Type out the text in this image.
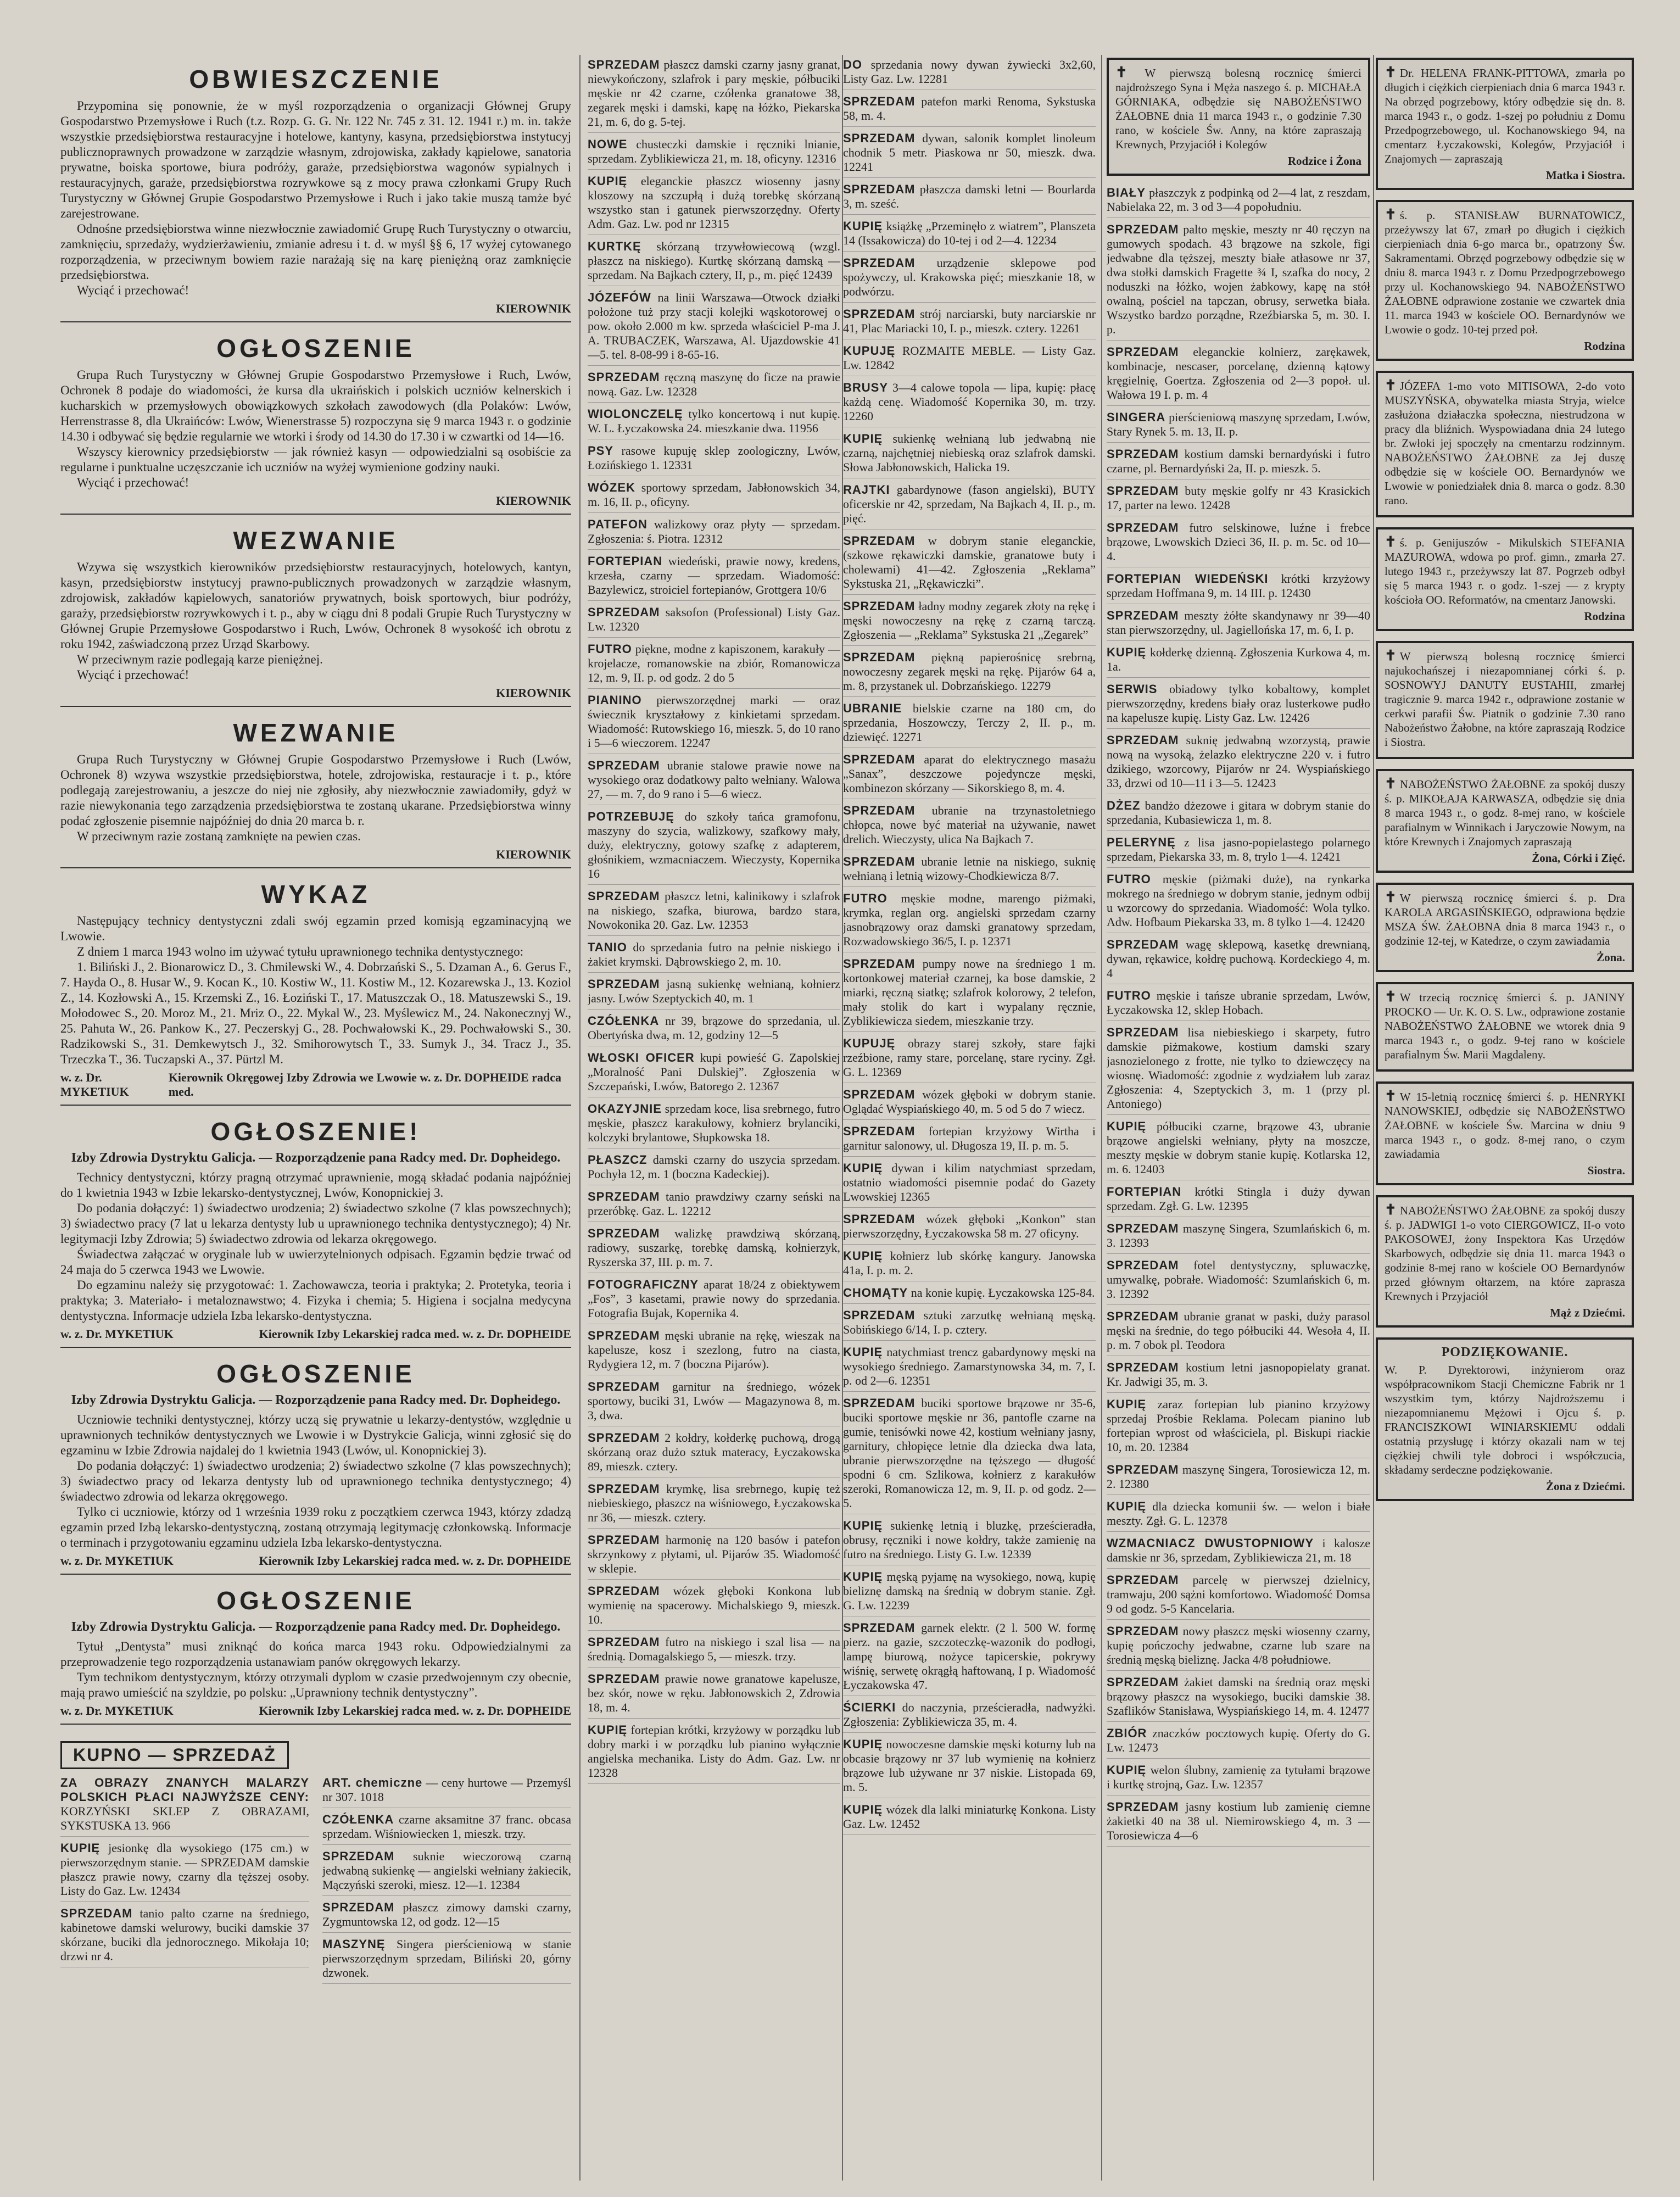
OBWIESZCZENIE

Przypomina się ponownie, że w myśl rozporządzenia o organizacji Głównej Grupy Gospodarstwo Przemysłowe i Ruch (t.z. Rozp. G. G. Nr. 122 Nr. 745 z 31. 12. 1941 r.) m. in. także wszystkie przedsiębiorstwa restauracyjne i hotelowe, kantyny, kasyna, przedsiębiorstwa instytucyj publicznoprawnych prowadzone w zarządzie własnym, zdrojowiska, zakłady kąpielowe, sanatoria prywatne, boiska sportowe, biura podróży, garaże, przedsiębiorstwa wagonów sypialnych i restauracyjnych, garaże, przedsiębiorstwa rozrywkowe są z mocy prawa członkami Grupy Ruch Turystyczny w Głównej Grupie Gospodarstwo Przemysłowe i Ruch i jako takie muszą tamże być zarejestrowane.

Odnośne przedsiębiorstwa winne niezwłocznie zawiadomić Grupę Ruch Turystyczny o otwarciu, zamknięciu, sprzedaży, wydzierżawieniu, zmianie adresu i t. d. w myśl §§ 6, 17 wyżej cytowanego rozporządzenia, w przeciwnym bowiem razie narażają się na karę pieniężną oraz zamknięcie przedsiębiorstwa.

Wyciąć i przechować!

KIEROWNIK
OGŁOSZENIE

Grupa Ruch Turystyczny w Głównej Grupie Gospodarstwo Przemysłowe i Ruch, Lwów, Ochronek 8 podaje do wiadomości, że kursa dla ukraińskich i polskich uczniów kelnerskich i kucharskich w przemysłowych obowiązkowych szkołach zawodowych (dla Polaków: Lwów, Herrenstrasse 8, dla Ukraińców: Lwów, Wienerstrasse 5) rozpoczyna się 9 marca 1943 r. o godzinie 14.30 i odbywać się będzie regularnie we wtorki i środy od 14.30 do 17.30 i w czwartki od 14—16.

Wszyscy kierownicy przedsiębiorstw — jak również kasyn — odpowiedzialni są osobiście za regularne i punktualne uczęszczanie ich uczniów na wyżej wymienione godziny nauki.

Wyciąć i przechować!

KIEROWNIK
WEZWANIE

Wzywa się wszystkich kierowników przedsiębiorstw restauracyjnych, hotelowych, kantyn, kasyn, przedsiębiorstw instytucyj prawno-publicznych prowadzonych w zarządzie własnym, zdrojowisk, zakładów kąpielowych, sanatoriów prywatnych, boisk sportowych, biur podróży, garaży, przedsiębiorstw rozrywkowych i t. p., aby w ciągu dni 8 podali Grupie Ruch Turystyczny w Głównej Grupie Przemysłowe Gospodarstwo i Ruch, Lwów, Ochronek 8 wysokość ich obrotu z roku 1942, zaświadczoną przez Urząd Skarbowy.

W przeciwnym razie podlegają karze pieniężnej.

Wyciąć i przechować!

KIEROWNIK
WEZWANIE

Grupa Ruch Turystyczny w Głównej Grupie Gospodarstwo Przemysłowe i Ruch (Lwów, Ochronek 8) wzywa wszystkie przedsiębiorstwa, hotele, zdrojowiska, restauracje i t. p., które podlegają zarejestrowaniu, a jeszcze do niej nie zgłosiły, aby niezwłocznie zawiadomiły, gdyż w razie niewykonania tego zarządzenia przedsiębiorstwa te zostaną ukarane. Przedsiębiorstwa winny podać zgłoszenie pisemnie najpóźniej do dnia 20 marca b. r.

W przeciwnym razie zostaną zamknięte na pewien czas.

KIEROWNIK
WYKAZ

Następujący technicy dentystyczni zdali swój egzamin przed komisją egzaminacyjną we Lwowie.

Z dniem 1 marca 1943 wolno im używać tytułu uprawnionego technika dentystycznego:

1. Biliński J., 2. Bionarowicz D., 3. Chmilewski W., 4. Dobrzański S., 5. Dzaman A., 6. Gerus F., 7. Hayda O., 8. Husar W., 9. Kocan K., 10. Kostiw W., 11. Kostiw M., 12. Kozarewska J., 13. Koziol Z., 14. Kozłowski A., 15. Krzemski Z., 16. Łoziński T., 17. Matuszczak O., 18. Matuszewski S., 19. Mołodowec S., 20. Moroz M., 21. Mriz O., 22. Mykal W., 23. Myślewicz M., 24. Nakonecznyj W., 25. Pahuta W., 26. Pankow K., 27. Peczerskyj G., 28. Pochwałowski K., 29. Pochwałowski S., 30. Radzikowski S., 31. Demkewytsch J., 32. Smihorowytsch T., 33. Sumyk J., 34. Tracz J., 35. Trzeczka T., 36. Tuczapski A., 37. Pürtzl M.

w. z. Dr. MYKETIUK
Kierownik Okręgowej Izby Zdrowia we Lwowie w. z. Dr. DOPHEIDE radca med.
OGŁOSZENIE!
Izby Zdrowia Dystryktu Galicja. — Rozporządzenie pana Radcy med. Dr. Dopheidego.

Technicy dentystyczni, którzy pragną otrzymać uprawnienie, mogą składać podania najpóźniej do 1 kwietnia 1943 w Izbie lekarsko-dentystycznej, Lwów, Konopnickiej 3.

Do podania dołączyć: 1) świadectwo urodzenia; 2) świadectwo szkolne (7 klas powszechnych); 3) świadectwo pracy (7 lat u lekarza dentysty lub u uprawnionego technika dentystycznego); 4) Nr. legitymacji Izby Zdrowia; 5) świadectwo zdrowia od lekarza okręgowego.

Świadectwa załączać w oryginale lub w uwierzytelnionych odpisach. Egzamin będzie trwać od 24 maja do 5 czerwca 1943 we Lwowie.

Do egzaminu należy się przygotować: 1. Zachowawcza, teoria i praktyka; 2. Protetyka, teoria i praktyka; 3. Materiało- i metaloznawstwo; 4. Fizyka i chemia; 5. Higiena i socjalna medycyna dentystyczna. Informacje udziela Izba lekarsko-dentystyczna.

w. z. Dr. MYKETIUK	Kierownik Izby Lekarskiej radca med. w. z. Dr. DOPHEIDE
OGŁOSZENIE
Izby Zdrowia Dystryktu Galicja. — Rozporządzenie pana Radcy med. Dr. Dopheidego.

Uczniowie techniki dentystycznej, którzy uczą się prywatnie u lekarzy-dentystów, względnie u uprawnionych techników dentystycznych we Lwowie i w Dystrykcie Galicja, winni zgłosić się do egzaminu w Izbie Zdrowia najdalej do 1 kwietnia 1943 (Lwów, ul. Konopnickiej 3).

Do podania dołączyć: 1) świadectwo urodzenia; 2) świadectwo szkolne (7 klas powszechnych); 3) świadectwo pracy od lekarza dentysty lub od uprawnionego technika dentystycznego; 4) świadectwo zdrowia od lekarza okręgowego.

Tylko ci uczniowie, którzy od 1 września 1939 roku z początkiem czerwca 1943, którzy zdadzą egzamin przed Izbą lekarsko-dentystyczną, zostaną otrzymają legitymację członkowską. Informacje o terminach i przygotowaniu egzaminu udziela Izba lekarsko-dentystyczna.

w. z. Dr. MYKETIUK	Kierownik Izby Lekarskiej radca med. w. z. Dr. DOPHEIDE
OGŁOSZENIE
Izby Zdrowia Dystryktu Galicja. — Rozporządzenie pana Radcy med. Dr. Dopheidego.

Tytuł „Dentysta” musi zniknąć do końca marca 1943 roku. Odpowiedzialnymi za przeprowadzenie tego rozporządzenia ustanawiam panów okręgowych lekarzy.

Tym technikom dentystycznym, którzy otrzymali dyplom w czasie przedwojennym czy obecnie, mają prawo umieścić na szyldzie, po polsku: „Uprawniony technik dentystyczny”.

w. z. Dr. MYKETIUK	Kierownik Izby Lekarskiej radca med. w. z. Dr. DOPHEIDE
KUPNO — SPRZEDAŻ

ZA OBRAZY ZNANYCH MALARZY POLSKICH PŁACI NAJWYŻSZE CENY: KORZYŃSKI SKLEP Z OBRAZAMI, SYKSTUSKA 13. 966

KUPIĘ jesionkę dla wysokiego (175 cm.) w pierwszorzędnym stanie. — SPRZEDAM damskie płaszcz prawie nowy, czarny dla tęższej osoby. Listy do Gaz. Lw. 12434

SPRZEDAM tanio palto czarne na średniego, kabinetowe damski welurowy, buciki damskie 37 skórzane, buciki dla jednorocznego. Mikołaja 10; drzwi nr 4.

ART. chemiczne — ceny hurtowe — Przemyśl nr 307. 1018

CZÓŁENKA czarne aksamitne 37 franc. obcasa sprzedam. Wiśniowiecken 1, mieszk. trzy.

SPRZEDAM suknie wieczorową czarną jedwabną sukienkę — angielski wełniany żakiecik, Mączyński szeroki, miesz. 12—1. 12384

SPRZEDAM płaszcz zimowy damski czarny, Zygmuntowska 12, od godz. 12—15

MASZYNĘ Singera pierścieniową w stanie pierwszorzędnym sprzedam, Biliński 20, górny dzwonek.

SPRZEDAM płaszcz damski czarny jasny granat, niewykończony, szlafrok i pary męskie, półbuciki męskie nr 42 czarne, czółenka granatowe 38, zegarek męski i damski, kapę na łóżko, Piekarska 21, m. 6, do g. 5-tej.

NOWE chusteczki damskie i ręczniki lnianie, sprzedam. Zyblikiewicza 21, m. 18, oficyny. 12316

KUPIĘ eleganckie płaszcz wiosenny jasny kloszowy na szczupłą i dużą torebkę skórzaną wszystko stan i gatunek pierwszorzędny. Oferty Adm. Gaz. Lw. pod nr 12315

KURTKĘ skórzaną trzywłowiecową (wzgl. płaszcz na niskiego). Kurtkę skórzaną damską — sprzedam. Na Bajkach cztery, II, p., m. pięć 12439

JÓZEFÓW na linii Warszawa—Otwock działki położone tuż przy stacji kolejki wąskotorowej o pow. około 2.000 m kw. sprzeda właściciel P-ma J. A. TRUBACZEK, Warszawa, Al. Ujazdowskie 41—5. tel. 8-08-99 i 8-65-16.

SPRZEDAM ręczną maszynę do ficze na prawie nową. Gaz. Lw. 12328

WIOLONCZELĘ tylko koncertową i nut kupię. W. L. Łyczakowska 24. mieszkanie dwa. 11956

PSY rasowe kupuję sklep zoologiczny, Lwów, Łozińskiego 1. 12331

WÓZEK sportowy sprzedam, Jabłonowskich 34, m. 16, II. p., oficyny.

PATEFON walizkowy oraz płyty — sprzedam. Zgłoszenia: ś. Piotra. 12312

FORTEPIAN wiedeński, prawie nowy, kredens, krzesła, czarny — sprzedam. Wiadomość: Bazylewicz, stroiciel fortepianów, Grottgera 10/6

SPRZEDAM saksofon (Professional) Listy Gaz. Lw. 12320

FUTRO piękne, modne z kapiszonem, karakuły — krojelacze, romanowskie na zbiór, Romanowicza 12, m. 9, II. p. od godz. 2 do 5

PIANINO pierwszorzędnej marki — oraz świecznik kryształowy z kinkietami sprzedam. Wiadomość: Rutowskiego 16, mieszk. 5, do 10 rano i 5—6 wieczorem. 12247

SPRZEDAM ubranie stalowe prawie nowe na wysokiego oraz dodatkowy palto wełniany. Walowa 27, — m. 7, do 9 rano i 5—6 wiecz.

POTRZEBUJĘ do szkoły tańca gramofonu, maszyny do szycia, walizkowy, szafkowy mały, duży, elektryczny, gotowy szafkę z adapterem, głośnikiem, wzmacniaczem. Wieczysty, Kopernika 16

SPRZEDAM płaszcz letni, kalinikowy i szlafrok na niskiego, szafka, biurowa, bardzo stara, Nowokonika 20. Gaz. Lw. 12353

TANIO do sprzedania futro na pełnie niskiego i żakiet krymski. Dąbrowskiego 2, m. 10.

SPRZEDAM jasną sukienkę wełnianą, kołnierz jasny. Lwów Szeptyckich 40, m. 1

CZÓŁENKA nr 39, brązowe do sprzedania, ul. Obertyńska dwa, m. 12, godziny 12—5

WŁOSKI OFICER kupi powieść G. Zapolskiej „Moralność Pani Dulskiej”. Zgłoszenia w Szczepański, Lwów, Batorego 2. 12367

OKAZYJNIE sprzedam koce, lisa srebrnego, futro męskie, płaszcz karakułowy, kołnierz brylanciki, kolczyki brylantowe, Słupkowska 18.

PŁASZCZ damski czarny do uszycia sprzedam. Pochyła 12, m. 1 (boczna Kadeckiej).

SPRZEDAM tanio prawdziwy czarny seński na przeróbkę. Gaz. L. 12212

SPRZEDAM walizkę prawdziwą skórzaną, radiowy, suszarkę, torebkę damską, kołnierzyk, Ryszerska 37, III. p. m. 7.

FOTOGRAFICZNY aparat 18/24 z obiektywem „Fos”, 3 kasetami, prawie nowy do sprzedania. Fotografia Bujak, Kopernika 4.

SPRZEDAM męski ubranie na rękę, wieszak na kapelusze, kosz i szezlong, futro na ciasta, Rydygiera 12, m. 7 (boczna Pijarów).

SPRZEDAM garnitur na średniego, wózek sportowy, buciki 31, Lwów — Magazynowa 8, m. 3, dwa.

SPRZEDAM 2 kołdry, kołderkę puchową, drogą skórzaną oraz dużo sztuk materacy, Łyczakowska 89, mieszk. cztery.

SPRZEDAM krymkę, lisa srebrnego, kupię też niebieskiego, płaszcz na wiśniowego, Łyczakowska nr 36, — mieszk. cztery.

SPRZEDAM harmonię na 120 basów i patefon skrzynkowy z płytami, ul. Pijarów 35. Wiadomość w sklepie.

SPRZEDAM wózek głęboki Konkona lub wymienię na spacerowy. Michalskiego 9, mieszk. 10.

SPRZEDAM futro na niskiego i szal lisa — na średnią. Domagalskiego 5, — mieszk. trzy.

SPRZEDAM prawie nowe granatowe kapelusze, bez skór, nowe w ręku. Jabłonowskich 2, Zdrowia 18, m. 4.

KUPIĘ fortepian krótki, krzyżowy w porządku lub dobry marki i w porządku lub pianino wyłącznie angielska mechanika. Listy do Adm. Gaz. Lw. nr 12328

DO sprzedania nowy dywan żywiecki 3x2,60, Listy Gaz. Lw. 12281

SPRZEDAM patefon marki Renoma, Sykstuska 58, m. 4.

SPRZEDAM dywan, salonik komplet linoleum chodnik 5 metr. Piaskowa nr 50, mieszk. dwa. 12241

SPRZEDAM płaszcza damski letni — Bourlarda 3, m. sześć.

KUPIĘ książkę „Przeminęło z wiatrem”, Planszeta 14 (Issakowicza) do 10-tej i od 2—4. 12234

SPRZEDAM urządzenie sklepowe pod spożywczy, ul. Krakowska pięć; mieszkanie 18, w podwórzu.

SPRZEDAM strój narciarski, buty narciarskie nr 41, Plac Mariacki 10, I. p., mieszk. cztery. 12261

KUPUJĘ ROZMAITE MEBLE. — Listy Gaz. Lw. 12842

BRUSY 3—4 calowe topola — lipa, kupię: płacę każdą cenę. Wiadomość Kopernika 30, m. trzy. 12260

KUPIĘ sukienkę wełnianą lub jedwabną nie czarną, najchętniej niebieską oraz szlafrok damski. Słowa Jabłonowskich, Halicka 19.

RAJTKI gabardynowe (fason angielski), BUTY oficerskie nr 42, sprzedam, Na Bajkach 4, II. p., m. pięć.

SPRZEDAM w dobrym stanie eleganckie, (szkowe rękawiczki damskie, granatowe buty i cholewami) 41—42. Zgłoszenia „Reklama” Sykstuska 21, „Rękawiczki”.

SPRZEDAM ładny modny zegarek złoty na rękę i męski nowoczesny na rękę z czarną tarczą. Zgłoszenia — „Reklama” Sykstuska 21 „Zegarek”

SPRZEDAM piękną papierośnicę srebrną, nowoczesny zegarek męski na rękę. Pijarów 64 a, m. 8, przystanek ul. Dobrzańskiego. 12279

UBRANIE bielskie czarne na 180 cm, do sprzedania, Hoszowczy, Terczy 2, II. p., m. dziewięć. 12271

SPRZEDAM aparat do elektrycznego masażu „Sanax”, deszczowe pojedyncze męski, kombinezon skórzany — Sikorskiego 8, m. 4.

SPRZEDAM ubranie na trzynastoletniego chłopca, nowe być materiał na używanie, nawet drelich. Wieczysty, ulica Na Bajkach 7.

SPRZEDAM ubranie letnie na niskiego, suknię wełnianą i letnią wizowy-Chodkiewicza 8/7.

FUTRO męskie modne, marengo piżmaki, krymka, reglan org. angielski sprzedam czarny jasnobrązowy oraz damski granatowy sprzedam, Rozwadowskiego 36/5, I. p. 12371

SPRZEDAM pumpy nowe na średniego 1 m. kortonkowej materiał czarnej, ka bose damskie, 2 miarki, ręczną siatkę; szlafrok kolorowy, 2 telefon, mały stolik do kart i wypalany ręcznie, Zyblikiewicza siedem, mieszkanie trzy.

KUPUJĘ obrazy starej szkoły, stare fajki rzeźbione, ramy stare, porcelanę, stare ryciny. Zgł. G. L. 12369

SPRZEDAM wózek głęboki w dobrym stanie. Oglądać Wyspiańskiego 40, m. 5 od 5 do 7 wiecz.

SPRZEDAM fortepian krzyżowy Wirtha i garnitur salonowy, ul. Długosza 19, II. p. m. 5.

KUPIĘ dywan i kilim natychmiast sprzedam, ostatnio wiadomości pisemnie podać do Gazety Lwowskiej 12365

SPRZEDAM wózek głęboki „Konkon” stan pierwszorzędny, Łyczakowska 58 m. 27 oficyny.

KUPIĘ kołnierz lub skórkę kangury. Janowska 41a, I. p. m. 2.

CHOMĄTY na konie kupię. Łyczakowska 125-84.

SPRZEDAM sztuki zarzutkę wełnianą męską. Sobińskiego 6/14, I. p. cztery.

KUPIĘ natychmiast trencz gabardynowy męski na wysokiego średniego. Zamarstynowska 34, m. 7, I. p. od 2—6. 12351

SPRZEDAM buciki sportowe brązowe nr 35-6, buciki sportowe męskie nr 36, pantofle czarne na gumie, tenisówki nowe 42, kostium wełniany jasny, garnitury, chłopięce letnie dla dziecka dwa lata, ubranie pierwszorzędne na tęższego — długość spodni 6 cm. Szlikowa, kołnierz z karakułów szeroki, Romanowicza 12, m. 9, II. p. od godz. 2—5.

KUPIĘ sukienkę letnią i bluzkę, prześcieradła, obrusy, ręczniki i nowe kołdry, także zamienię na futro na średniego. Listy G. Lw. 12339

KUPIĘ męską pyjamę na wysokiego, nową, kupię bieliznę damską na średnią w dobrym stanie. Zgł. G. Lw. 12239

SPRZEDAM garnek elektr. (2 l. 500 W. formę pierz. na gazie, szczoteczkę-wazonik do podłogi, lampę biurową, nożyce tapicerskie, pokrywy wiśnię, serwetę okrągłą haftowaną, I p. Wiadomość Łyczakowska 47.

ŚCIERKI do naczynia, prześcieradła, nadwyżki. Zgłoszenia: Zyblikiewicza 35, m. 4.

KUPIĘ nowoczesne damskie męski koturny lub na obcasie brązowy nr 37 lub wymienię na kołnierz brązowe lub używane nr 37 niskie. Listopada 69, m. 5.

KUPIĘ wózek dla lalki miniaturkę Konkona. Listy Gaz. Lw. 12452

✝ W pierwszą bolesną rocznicę śmierci najdroższego Syna i Męża naszego ś. p. MICHAŁA GÓRNIAKA, odbędzie się NABOŻEŃSTWO ŻAŁOBNE dnia 11 marca 1943 r., o godzinie 7.30 rano, w kościele Św. Anny, na które zapraszają Krewnych, Przyjaciół i Kolegów
Rodzice i Żona

BIAŁY płaszczyk z podpinką od 2—4 lat, z reszdam, Nabielaka 22, m. 3 od 3—4 popołudniu.

SPRZEDAM palto męskie, meszty nr 40 ręczyn na gumowych spodach. 43 brązowe na szkole, figi jedwabne dla tęższej, meszty białe atłasowe nr 37, dwa stołki damskich Fragette ¾ I, szafka do nocy, 2 noduszki na łóżko, wojen żabkowy, kapę na stół owalną, pościel na tapczan, obrusy, serwetka biała. Wszystko bardzo porządne, Rzeźbiarska 5, m. 30. I. p.

SPRZEDAM eleganckie kolnierz, zarękawek, kombinacje, nescaser, porcelanę, dzienną kątowy kręgielnię, Goertza. Zgłoszenia od 2—3 popoł. ul. Wałowa 19 I. p. m. 4

SINGERA pierścieniową maszynę sprzedam, Lwów, Stary Rynek 5. m. 13, II. p.

SPRZEDAM kostium damski bernardyński i futro czarne, pl. Bernardyński 2a, II. p. mieszk. 5.

SPRZEDAM buty męskie golfy nr 43 Krasickich 17, parter na lewo. 12428

SPRZEDAM futro selskinowe, luźne i frebce brązowe, Lwowskich Dzieci 36, II. p. m. 5c. od 10—4.

FORTEPIAN WIEDEŃSKI krótki krzyżowy sprzedam Hoffmana 9, m. 14 III. p. 12430

SPRZEDAM meszty żółte skandynawy nr 39—40 stan pierwszorzędny, ul. Jagiellońska 17, m. 6, I. p.

KUPIĘ kołderkę dzienną. Zgłoszenia Kurkowa 4, m. 1a.

SERWIS obiadowy tylko kobaltowy, komplet pierwszorzędny, kredens biały oraz lusterkowe pudło na kapelusze kupię. Listy Gaz. Lw. 12426

SPRZEDAM suknię jedwabną wzorzystą, prawie nową na wysoką, żelazko elektryczne 220 v. i futro dzikiego, wzorcowy, Pijarów nr 24. Wyspiańskiego 33, drzwi od 10—11 i 3—5. 12423

DŻEZ bandżo dżezowe i gitara w dobrym stanie do sprzedania, Kubasiewicza 1, m. 8.

PELERYNĘ z lisa jasno-popielastego polarnego sprzedam, Piekarska 33, m. 8, trylo 1—4. 12421

FUTRO męskie (piżmaki duże), na rynkarka mokrego na średniego w dobrym stanie, jednym odbij u wzorcowy do sprzedania. Wiadomość: Wola tylko. Adw. Hofbaum Piekarska 33, m. 8 tylko 1—4. 12420

SPRZEDAM wagę sklepową, kasetkę drewnianą, dywan, rękawice, kołdrę puchową. Kordeckiego 4, m. 4

FUTRO męskie i tańsze ubranie sprzedam, Lwów, Łyczakowska 12, sklep Hobach.

SPRZEDAM lisa niebieskiego i skarpety, futro damskie piżmakowe, kostium damski szary jasnozielonego z frotte, nie tylko to dziewczęcy na wiosnę. Wiadomość: zgodnie z wydziałem lub zaraz Zgłoszenia: 4, Szeptyckich 3, m. 1 (przy pl. Antoniego)

KUPIĘ półbuciki czarne, brązowe 43, ubranie brązowe angielski wełniany, płyty na moszcze, meszty męskie w dobrym stanie kupię. Kotlarska 12, m. 6. 12403

FORTEPIAN krótki Stingla i duży dywan sprzedam. Zgł. G. Lw. 12395

SPRZEDAM maszynę Singera, Szumlańskich 6, m. 3. 12393

SPRZEDAM fotel dentystyczny, spluwaczkę, umywalkę, pobrałe. Wiadomość: Szumlańskich 6, m. 3. 12392

SPRZEDAM ubranie granat w paski, duży parasol męski na średnie, do tego półbuciki 44. Wesoła 4, II. p. m. 7 obok pl. Teodora

SPRZEDAM kostium letni jasnopopielaty granat. Kr. Jadwigi 35, m. 3.

KUPIĘ zaraz fortepian lub pianino krzyżowy sprzedaj Prośbie Reklama. Polecam pianino lub fortepian wprost od właściciela, pl. Biskupi riackie 10, m. 20. 12384

SPRZEDAM maszynę Singera, Torosiewicza 12, m. 2. 12380

KUPIĘ dla dziecka komunii św. — welon i białe meszty. Zgł. G. L. 12378

WZMACNIACZ DWUSTOPNIOWY i kalosze damskie nr 36, sprzedam, Zyblikiewicza 21, m. 18

SPRZEDAM parcelę w pierwszej dzielnicy, tramwaju, 200 sążni komfortowo. Wiadomość Domsa 9 od godz. 5-5 Kancelaria.

SPRZEDAM nowy płaszcz męski wiosenny czarny, kupię pończochy jedwabne, czarne lub szare na średnią męską bieliznę. Jacka 4/8 południowe.

SPRZEDAM żakiet damski na średnią oraz męski brązowy płaszcz na wysokiego, buciki damskie 38. Szaflików Stanisława, Wyspiańskiego 14, m. 4. 12477

ZBIÓR znaczków pocztowych kupię. Oferty do G. Lw. 12473

KUPIĘ welon ślubny, zamienię za tytułami brązowe i kurtkę strojną, Gaz. Lw. 12357

SPRZEDAM jasny kostium lub zamienię ciemne żakietki 40 na 38 ul. Niemirowskiego 4, m. 3 — Torosiewicza 4—6

✝ Dr. HELENA FRANK-PITTOWA, zmarła po długich i ciężkich cierpieniach dnia 6 marca 1943 r. Na obrzęd pogrzebowy, który odbędzie się dn. 8. marca 1943 r., o godz. 1-szej po południu z Domu Przedpogrzebowego, ul. Kochanowskiego 94, na cmentarz Łyczakowski, Kolegów, Przyjaciół i Znajomych — zapraszają
Matka i Siostra.
✝ ś. p. STANISŁAW BURNATOWICZ, przeżywszy lat 67, zmarł po długich i ciężkich cierpieniach dnia 6-go marca br., opatrzony Św. Sakramentami. Obrzęd pogrzebowy odbędzie się w dniu 8. marca 1943 r. z Domu Przedpogrzebowego przy ul. Kochanowskiego 94. NABOŻEŃSTWO ŻAŁOBNE odprawione zostanie we czwartek dnia 11. marca 1943 w kościele OO. Bernardynów we Lwowie o godz. 10-tej przed poł.
Rodzina
✝ JÓZEFA 1-mo voto MITISOWA, 2-do voto MUSZYŃSKA, obywatelka miasta Stryja, wielce zasłużona działaczka społeczna, niestrudzona w pracy dla bliźnich. Wyspowiadana dnia 24 lutego br. Zwłoki jej spoczęły na cmentarzu rodzinnym. NABOŻEŃSTWO ŻAŁOBNE za Jej duszę odbędzie się w kościele OO. Bernardynów we Lwowie w poniedziałek dnia 8. marca o godz. 8.30 rano.
✝ ś. p. Genijuszów - Mikulskich STEFANIA MAZUROWA, wdowa po prof. gimn., zmarła 27. lutego 1943 r., przeżywszy lat 87. Pogrzeb odbył się 5 marca 1943 r. o godz. 1-szej — z krypty kościoła OO. Reformatów, na cmentarz Janowski.
Rodzina
✝ W pierwszą bolesną rocznicę śmierci najukochańszej i niezapomnianej córki ś. p. SOSNOWYJ DANUTY EUSTAHII, zmarłej tragicznie 9. marca 1942 r., odprawione zostanie w cerkwi parafii Św. Piatnik o godzinie 7.30 rano Nabożeństwo Żałobne, na które zapraszają Rodzice i Siostra.
✝ NABOŻEŃSTWO ŻAŁOBNE za spokój duszy ś. p. MIKOŁAJA KARWASZA, odbędzie się dnia 8 marca 1943 r., o godz. 8-mej rano, w kościele parafialnym w Winnikach i Jaryczowie Nowym, na które Krewnych i Znajomych zapraszają
Żona, Córki i Zięć.
✝ W pierwszą rocznicę śmierci ś. p. Dra KAROLA ARGASIŃSKIEGO, odprawiona będzie MSZA ŚW. ŻAŁOBNA dnia 8 marca 1943 r., o godzinie 12-tej, w Katedrze, o czym zawiadamia
Żona.
✝ W trzecią rocznicę śmierci ś. p. JANINY PROCKO — Ur. K. O. S. Lw., odprawione zostanie NABOŻEŃSTWO ŻAŁOBNE we wtorek dnia 9 marca 1943 r., o godz. 9-tej rano w kościele parafialnym Św. Marii Magdaleny.
✝ W 15-letnią rocznicę śmierci ś. p. HENRYKI NANOWSKIEJ, odbędzie się NABOŻEŃSTWO ŻAŁOBNE w kościele Św. Marcina w dniu 9 marca 1943 r., o godz. 8-mej rano, o czym zawiadamia
Siostra.
✝ NABOŻEŃSTWO ŻAŁOBNE za spokój duszy ś. p. JADWIGI 1-o voto CIERGOWICZ, II-o voto PAKOSOWEJ, żony Inspektora Kas Urzędów Skarbowych, odbędzie się dnia 11. marca 1943 o godzinie 8-mej rano w kościele OO Bernardynów przed głównym ołtarzem, na które zaprasza Krewnych i Przyjaciół
Mąż z Dziećmi.
PODZIĘKOWANIE.
W. P. Dyrektorowi, inżynierom oraz współpracownikom Stacji Chemiczne Fabrik nr 1 wszystkim tym, którzy Najdroższemu i niezapomnianemu Mężowi i Ojcu ś. p. FRANCISZKOWI WINIARSKIEMU oddali ostatnią przysługę i którzy okazali nam w tej ciężkiej chwili tyle dobroci i współczucia, składamy serdeczne podziękowanie.
Żona z Dziećmi.
